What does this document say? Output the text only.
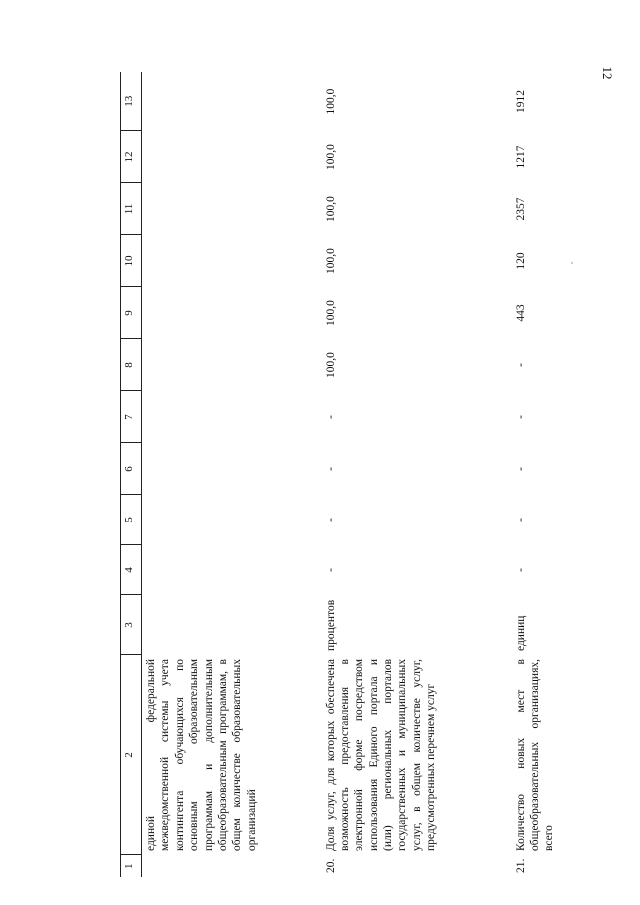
12
1	2	3	4	5	6	7	8	9	10	11	12	13
	единой федеральной межведомственной системы учета контингента обучающихся по основным образовательным программам и дополнительным общеобразовательным программам, в общем количестве образовательных организаций											
20.	Доля услуг, для которых обеспечена возможность предоставления в электронной форме посредством использования Единого портала и (или) региональных порталов государственных и муниципальных услуг, в общем количестве услуг, предусмотренных перечнем услуг	процентов	-	-	-	-	100,0	100,0	100,0	100,0	100,0	100,0
21.	Количество новых мест в общеобразовательных организациях, всего	единиц	-	-	-	-	-	443	120	2357	1217	1912
